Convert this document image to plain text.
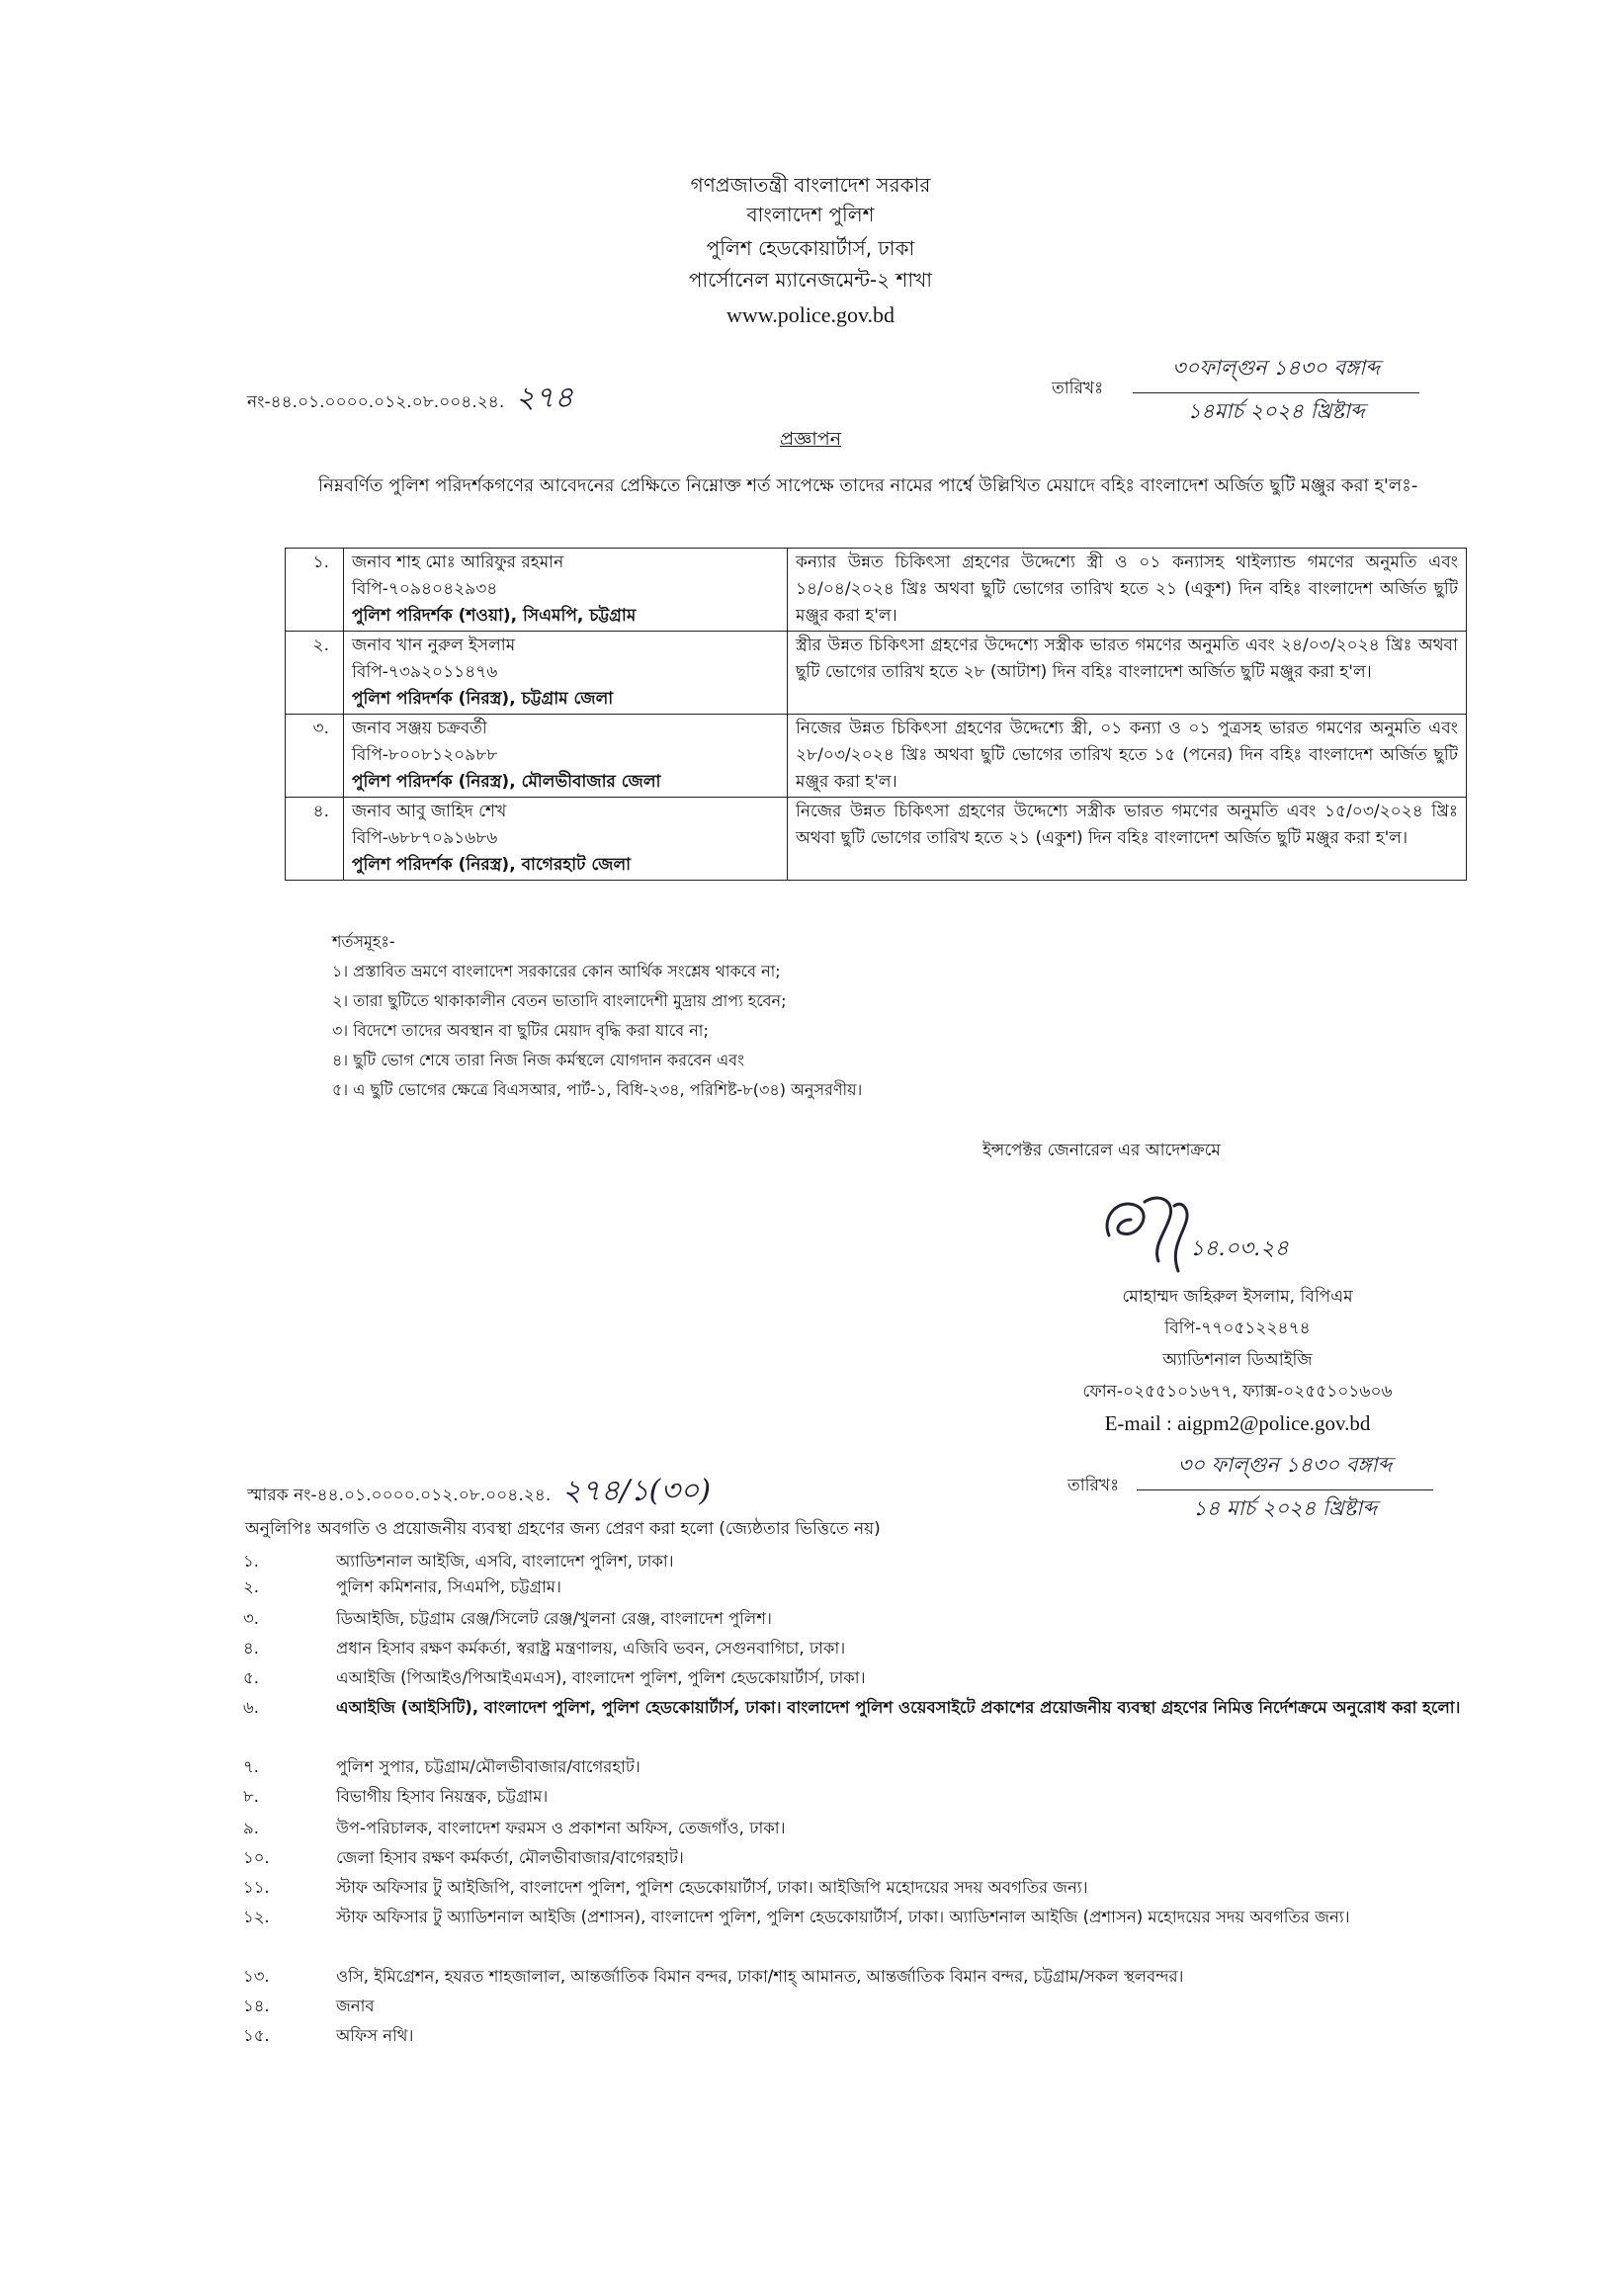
গণপ্রজাতন্ত্রী বাংলাদেশ সরকার
বাংলাদেশ পুলিশ
পুলিশ হেডকোয়ার্টার্স, ঢাকা
পার্সোনেল ম্যানেজমেন্ট-২ শাখা
www.police.gov.bd
নং-৪৪.০১.০০০০.০১২.০৮.০০৪.২৪. ২৭৪	তারিখঃ
৩০ফাল্গুন ১৪৩০ বঙ্গাব্দ
১৪মার্চ ২০২৪ খ্রিষ্টাব্দ
প্রজ্ঞাপন
নিম্নবর্ণিত পুলিশ পরিদর্শকগণের আবেদনের প্রেক্ষিতে নিম্নোক্ত শর্ত সাপেক্ষে তাদের নামের পার্শ্বে উল্লিখিত মেয়াদে বহিঃ বাংলাদেশ অর্জিত ছুটি মঞ্জুর করা হ'লঃ-
১.	জনাব শাহ মোঃ আরিফুর রহমান
বিপি-৭০৯৪০৪২৯৩৪
পুলিশ পরিদর্শক (শওয়া), সিএমপি, চট্টগ্রাম	কন্যার উন্নত চিকিৎসা গ্রহণের উদ্দেশ্যে স্ত্রী ও ০১ কন্যাসহ থাইল্যান্ড গমণের অনুমতি এবং ১৪/০৪/২০২৪ খ্রিঃ অথবা ছুটি ভোগের তারিখ হতে ২১ (একুশ) দিন বহিঃ বাংলাদেশ অর্জিত ছুটি মঞ্জুর করা হ'ল।
২.	জনাব খান নুরুল ইসলাম
বিপি-৭৩৯২০১১৪৭৬
পুলিশ পরিদর্শক (নিরস্ত্র), চট্টগ্রাম জেলা	স্ত্রীর উন্নত চিকিৎসা গ্রহণের উদ্দেশ্যে সস্ত্রীক ভারত গমণের অনুমতি এবং ২৪/০৩/২০২৪ খ্রিঃ অথবা ছুটি ভোগের তারিখ হতে ২৮ (আটাশ) দিন বহিঃ বাংলাদেশ অর্জিত ছুটি মঞ্জুর করা হ'ল।
৩.	জনাব সঞ্জয় চক্রবর্তী
বিপি-৮০০৮১২০৯৮৮
পুলিশ পরিদর্শক (নিরস্ত্র), মৌলভীবাজার জেলা	নিজের উন্নত চিকিৎসা গ্রহণের উদ্দেশ্যে স্ত্রী, ০১ কন্যা ও ০১ পুত্রসহ ভারত গমণের অনুমতি এবং ২৮/০৩/২০২৪ খ্রিঃ অথবা ছুটি ভোগের তারিখ হতে ১৫ (পনের) দিন বহিঃ বাংলাদেশ অর্জিত ছুটি মঞ্জুর করা হ'ল।
৪.	জনাব আবু জাহিদ শেখ
বিপি-৬৮৮৭০৯১৬৮৬
পুলিশ পরিদর্শক (নিরস্ত্র), বাগেরহাট জেলা	নিজের উন্নত চিকিৎসা গ্রহণের উদ্দেশ্যে সস্ত্রীক ভারত গমণের অনুমতি এবং ১৫/০৩/২০২৪ খ্রিঃ অথবা ছুটি ভোগের তারিখ হতে ২১ (একুশ) দিন বহিঃ বাংলাদেশ অর্জিত ছুটি মঞ্জুর করা হ'ল।
শর্তসমূহঃ-
১। প্রস্তাবিত ভ্রমণে বাংলাদেশ সরকারের কোন আর্থিক সংশ্লেষ থাকবে না;
২। তারা ছুটিতে থাকাকালীন বেতন ভাতাদি বাংলাদেশী মুদ্রায় প্রাপ্য হবেন;
৩। বিদেশে তাদের অবস্থান বা ছুটির মেয়াদ বৃদ্ধি করা যাবে না;
৪। ছুটি ভোগ শেষে তারা নিজ নিজ কর্মস্থলে যোগদান করবেন এবং
৫। এ ছুটি ভোগের ক্ষেত্রে বিএসআর, পার্ট-১, বিধি-২৩৪, পরিশিষ্ট-৮(৩৪) অনুসরণীয়।
ইন্সপেক্টর জেনারেল এর আদেশক্রমে
১৪.০৩.২৪
মোহাম্মদ জহিরুল ইসলাম, বিপিএম
বিপি-৭৭০৫১২২৪৭৪
অ্যাডিশনাল ডিআইজি
ফোন-০২৫৫১০১৬৭৭, ফ্যাক্স-০২৫৫১০১৬০৬
E-mail : aigpm2@police.gov.bd
স্মারক নং-৪৪.০১.০০০০.০১২.০৮.০০৪.২৪. ২৭৪/১(৩০)	তারিখঃ
৩০ ফাল্গুন ১৪৩০ বঙ্গাব্দ
১৪ মার্চ ২০২৪ খ্রিষ্টাব্দ
অনুলিপিঃ অবগতি ও প্রয়োজনীয় ব্যবস্থা গ্রহণের জন্য প্রেরণ করা হলো (জ্যেষ্ঠতার ভিত্তিতে নয়)
১.	অ্যাডিশনাল আইজি, এসবি, বাংলাদেশ পুলিশ, ঢাকা।
২.	পুলিশ কমিশনার, সিএমপি, চট্টগ্রাম।
৩.	ডিআইজি, চট্টগ্রাম রেঞ্জ/সিলেট রেঞ্জ/খুলনা রেঞ্জ, বাংলাদেশ পুলিশ।
৪.	প্রধান হিসাব রক্ষণ কর্মকর্তা, স্বরাষ্ট্র মন্ত্রণালয়, এজিবি ভবন, সেগুনবাগিচা, ঢাকা।
৫.	এআইজি (পিআইও/পিআইএমএস), বাংলাদেশ পুলিশ, পুলিশ হেডকোয়ার্টার্স, ঢাকা।
৬.	এআইজি (আইসিটি), বাংলাদেশ পুলিশ, পুলিশ হেডকোয়ার্টার্স, ঢাকা। বাংলাদেশ পুলিশ ওয়েবসাইটে প্রকাশের প্রয়োজনীয় ব্যবস্থা গ্রহণের নিমিত্ত নির্দেশক্রমে অনুরোধ করা হলো।
৭.	পুলিশ সুপার, চট্টগ্রাম/মৌলভীবাজার/বাগেরহাট।
৮.	বিভাগীয় হিসাব নিয়ন্ত্রক, চট্টগ্রাম।
৯.	উপ-পরিচালক, বাংলাদেশ ফরমস ও প্রকাশনা অফিস, তেজগাঁও, ঢাকা।
১০.	জেলা হিসাব রক্ষণ কর্মকর্তা, মৌলভীবাজার/বাগেরহাট।
১১.	স্টাফ অফিসার টু আইজিপি, বাংলাদেশ পুলিশ, পুলিশ হেডকোয়ার্টার্স, ঢাকা। আইজিপি মহোদয়ের সদয় অবগতির জন্য।
১২.	স্টাফ অফিসার টু অ্যাডিশনাল আইজি (প্রশাসন), বাংলাদেশ পুলিশ, পুলিশ হেডকোয়ার্টার্স, ঢাকা। অ্যাডিশনাল আইজি (প্রশাসন) মহোদয়ের সদয় অবগতির জন্য।
১৩.	ওসি, ইমিগ্রেশন, হযরত শাহজালাল, আন্তর্জাতিক বিমান বন্দর, ঢাকা/শাহ্‌ আমানত, আন্তর্জাতিক বিমান বন্দর, চট্টগ্রাম/সকল স্থলবন্দর।
১৪.	জনাব
১৫.	অফিস নথি।
